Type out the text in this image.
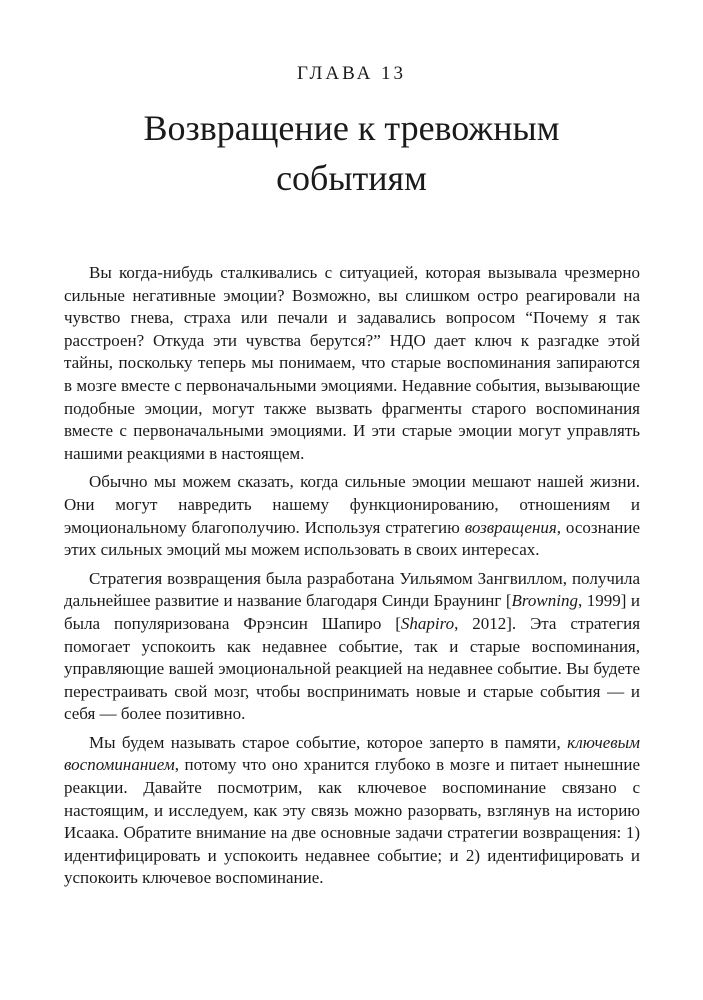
ГЛАВА 13
Возвращение к тревожным
событиям

Вы когда-нибудь сталкивались с ситуацией, которая вызывала чрезмерно сильные негативные эмоции? Возможно, вы слишком остро реагировали на чувство гнева, страха или печали и задавались вопросом “Почему я так расстроен? Откуда эти чувства берутся?” НДО дает ключ к разгадке этой тайны, поскольку теперь мы понимаем, что старые воспоминания запираются в мозге вместе с первоначальными эмоциями. Недавние события, вызывающие подобные эмоции, могут также вызвать фрагменты старого воспоминания вместе с первоначальными эмоциями. И эти старые эмоции могут управлять нашими реакциями в настоящем.

Обычно мы можем сказать, когда сильные эмоции мешают нашей жизни. Они могут навредить нашему функционированию, отношениям и эмоциональному благополучию. Используя стратегию возвращения, осознание этих сильных эмоций мы можем использовать в своих интересах.

Стратегия возвращения была разработана Уильямом Зангвиллом, получила дальнейшее развитие и название благодаря Синди Браунинг [Browning, 1999] и была популяризована Фрэнсин Шапиро [Shapiro, 2012]. Эта стратегия помогает успокоить как недавнее событие, так и старые воспоминания, управляющие вашей эмоциональной реакцией на недавнее событие. Вы будете перестраивать свой мозг, чтобы воспринимать новые и старые события — и себя — более позитивно.

Мы будем называть старое событие, которое заперто в памяти, ключевым воспоминанием, потому что оно хранится глубоко в мозге и питает нынешние реакции. Давайте посмотрим, как ключевое воспоминание связано с настоящим, и исследуем, как эту связь можно разорвать, взглянув на историю Исаака. Обратите внимание на две основные задачи стратегии возвращения: 1) идентифицировать и успокоить недавнее событие; и 2) идентифицировать и успокоить ключевое воспоминание.
